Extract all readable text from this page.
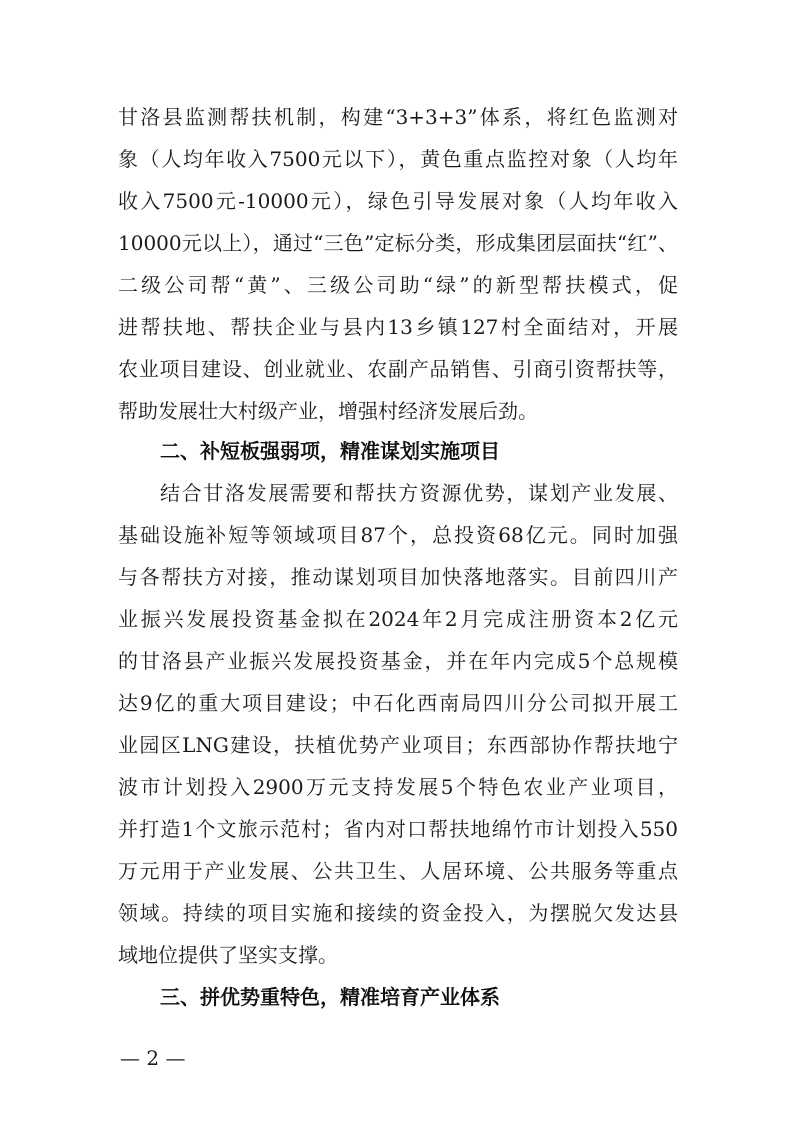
甘洛县监测帮扶机制，构建“3+3+3”体系，将红色监测对
象（人均年收入7500元以下），黄色重点监控对象（人均年
收入7500元-10000元），绿色引导发展对象（人均年收入
10000元以上），通过“三色”定标分类，形成集团层面扶“红”、
二级公司帮“黄”、三级公司助“绿”的新型帮扶模式，促
进帮扶地、帮扶企业与县内13乡镇127村全面结对，开展
农业项目建设、创业就业、农副产品销售、引商引资帮扶等，
帮助发展壮大村级产业，增强村经济发展后劲。
二、补短板强弱项，精准谋划实施项目
结合甘洛发展需要和帮扶方资源优势，谋划产业发展、
基础设施补短等领域项目87个，总投资68亿元。同时加强
与各帮扶方对接，推动谋划项目加快落地落实。目前四川产
业振兴发展投资基金拟在2024年2月完成注册资本2亿元
的甘洛县产业振兴发展投资基金，并在年内完成5个总规模
达9亿的重大项目建设；中石化西南局四川分公司拟开展工
业园区LNG建设，扶植优势产业项目；东西部协作帮扶地宁
波市计划投入2900万元支持发展5个特色农业产业项目，
并打造1个文旅示范村；省内对口帮扶地绵竹市计划投入550
万元用于产业发展、公共卫生、人居环境、公共服务等重点
领域。持续的项目实施和接续的资金投入，为摆脱欠发达县
域地位提供了坚实支撑。
三、拼优势重特色，精准培育产业体系
— 2 —
